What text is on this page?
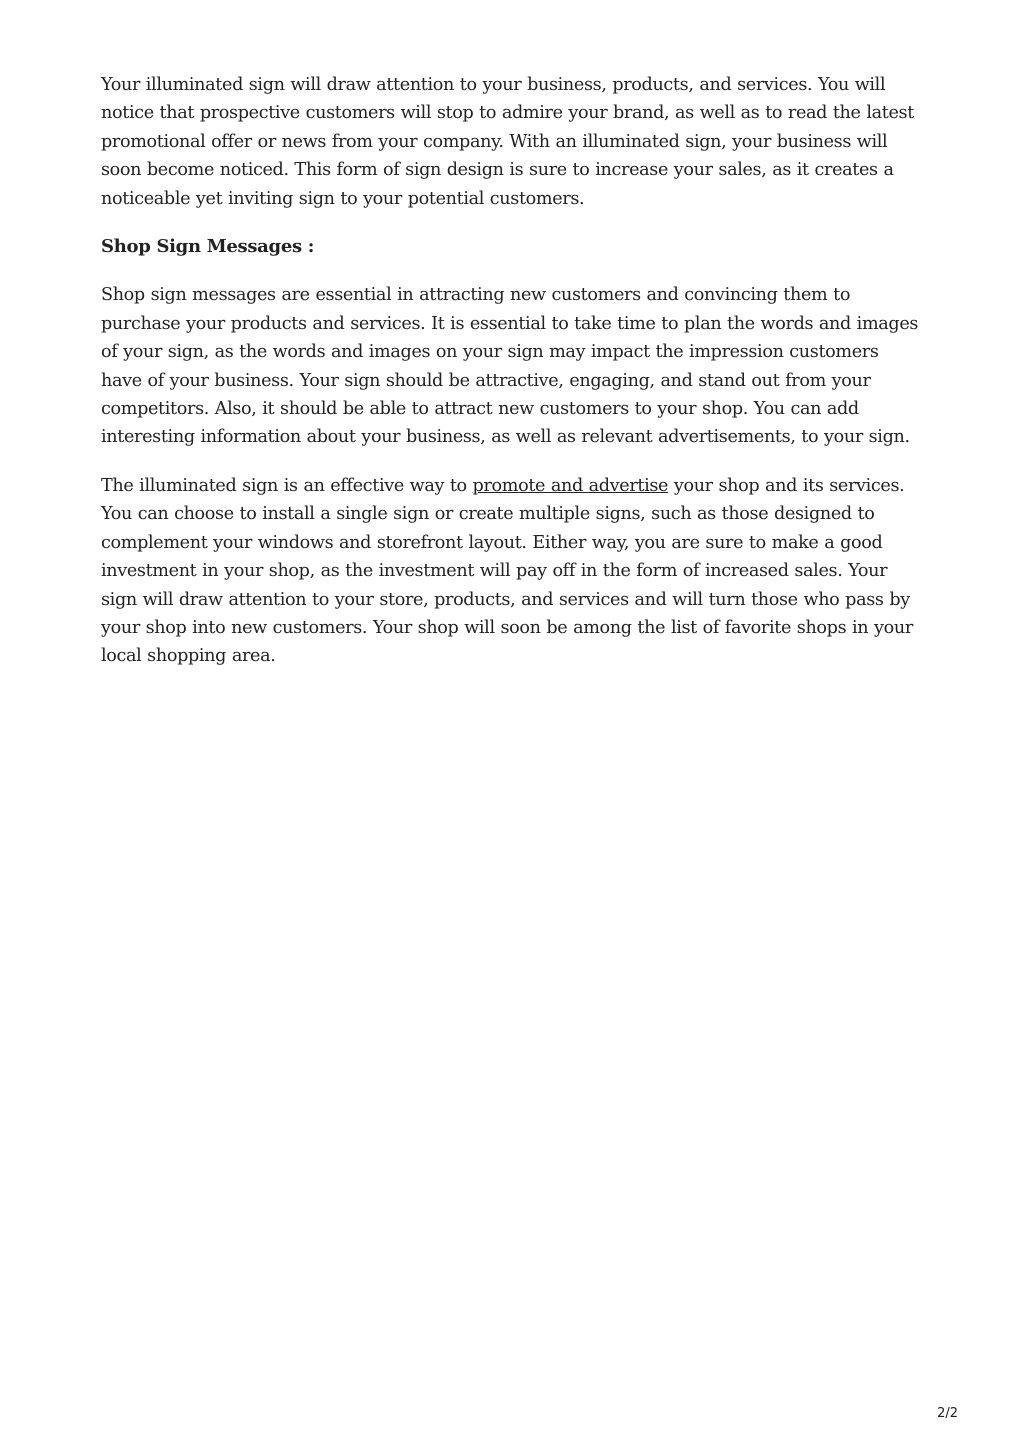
Your illuminated sign will draw attention to your business, products, and services. You will notice that prospective customers will stop to admire your brand, as well as to read the latest promotional offer or news from your company. With an illuminated sign, your business will soon become noticed. This form of sign design is sure to increase your sales, as it creates a noticeable yet inviting sign to your potential customers.

Shop Sign Messages :

Shop sign messages are essential in attracting new customers and convincing them to purchase your products and services. It is essential to take time to plan the words and images of your sign, as the words and images on your sign may impact the impression customers have of your business. Your sign should be attractive, engaging, and stand out from your competitors. Also, it should be able to attract new customers to your shop. You can add interesting information about your business, as well as relevant advertisements, to your sign.

The illuminated sign is an effective way to promote and advertise your shop and its services. You can choose to install a single sign or create multiple signs, such as those designed to complement your windows and storefront layout. Either way, you are sure to make a good investment in your shop, as the investment will pay off in the form of increased sales. Your sign will draw attention to your store, products, and services and will turn those who pass by your shop into new customers. Your shop will soon be among the list of favorite shops in your local shopping area.

2/2
